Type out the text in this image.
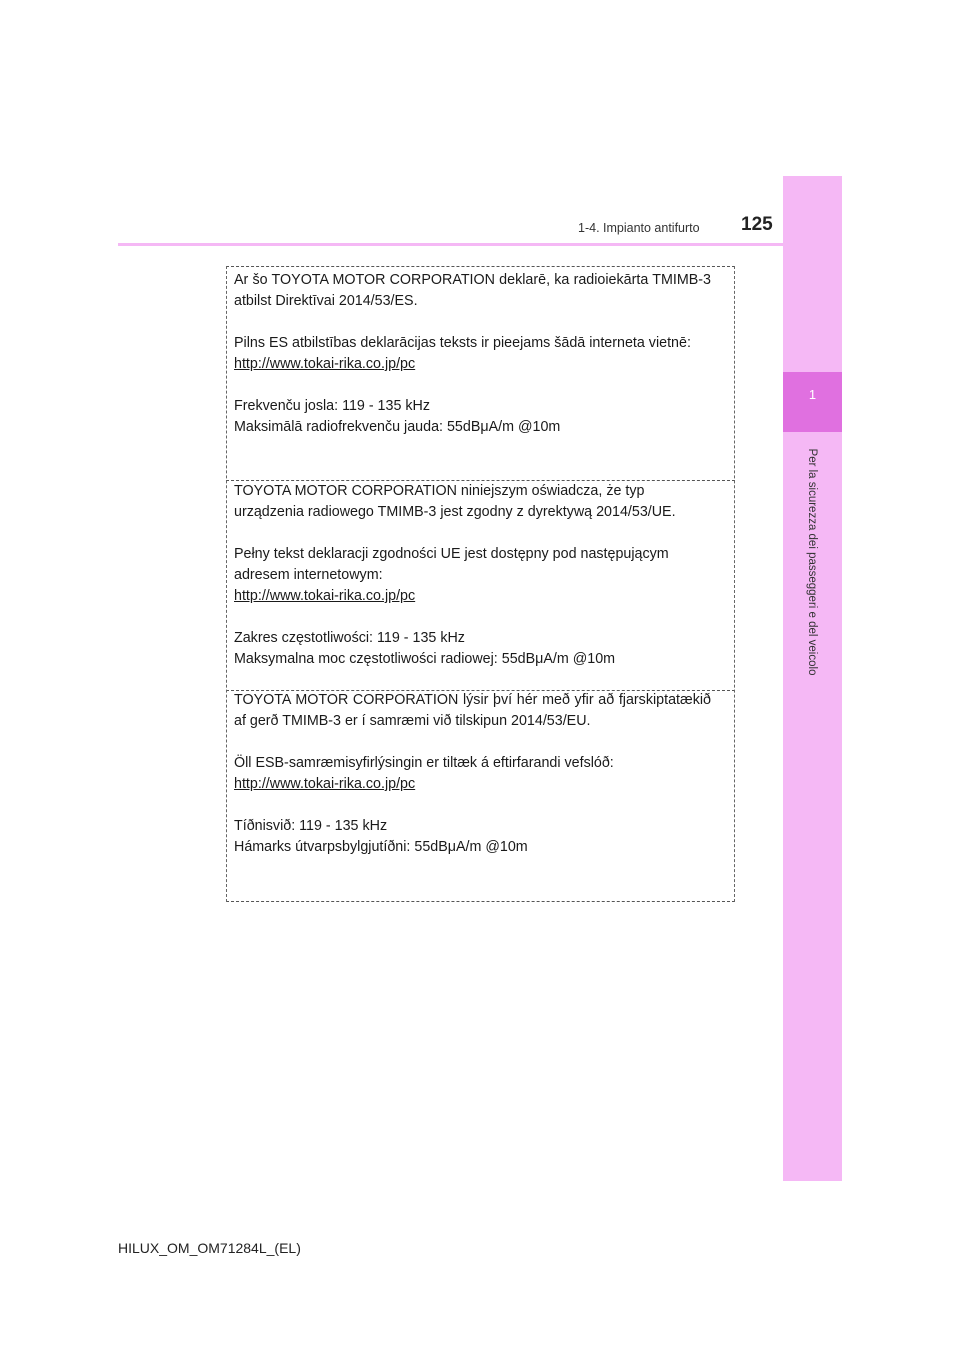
1
Per la sicurezza dei passeggeri e del veicolo
1-4. Impianto antifurto 125

Ar šo TOYOTA MOTOR CORPORATION deklarē, ka radioiekārta TMIMB-3 atbilst Direktīvai 2014/53/ES.

Pilns ES atbilstības deklarācijas teksts ir pieejams šādā interneta vietnē:

http://www.tokai-rika.co.jp/pc

Frekvenču josla: 119 - 135 kHz

Maksimālā radiofrekvenču jauda: 55dBμA/m @10m

TOYOTA MOTOR CORPORATION niniejszym oświadcza, że typ urządzenia radiowego TMIMB-3 jest zgodny z dyrektywą 2014/53/UE.

Pełny tekst deklaracji zgodności UE jest dostępny pod następującym adresem internetowym:

http://www.tokai-rika.co.jp/pc

Zakres częstotliwości: 119 - 135 kHz

Maksymalna moc częstotliwości radiowej: 55dBμA/m @10m

TOYOTA MOTOR CORPORATION lýsir því hér með yfir að fjarskiptatækið af gerð TMIMB-3 er í samræmi við tilskipun 2014/53/EU.

Öll ESB-samræmisyfirlýsingin er tiltæk á eftirfarandi vefslóð:

http://www.tokai-rika.co.jp/pc

Tíðnisvið: 119 - 135 kHz

Hámarks útvarpsbylgjutíðni: 55dBμA/m @10m

HILUX_OM_OM71284L_(EL)
